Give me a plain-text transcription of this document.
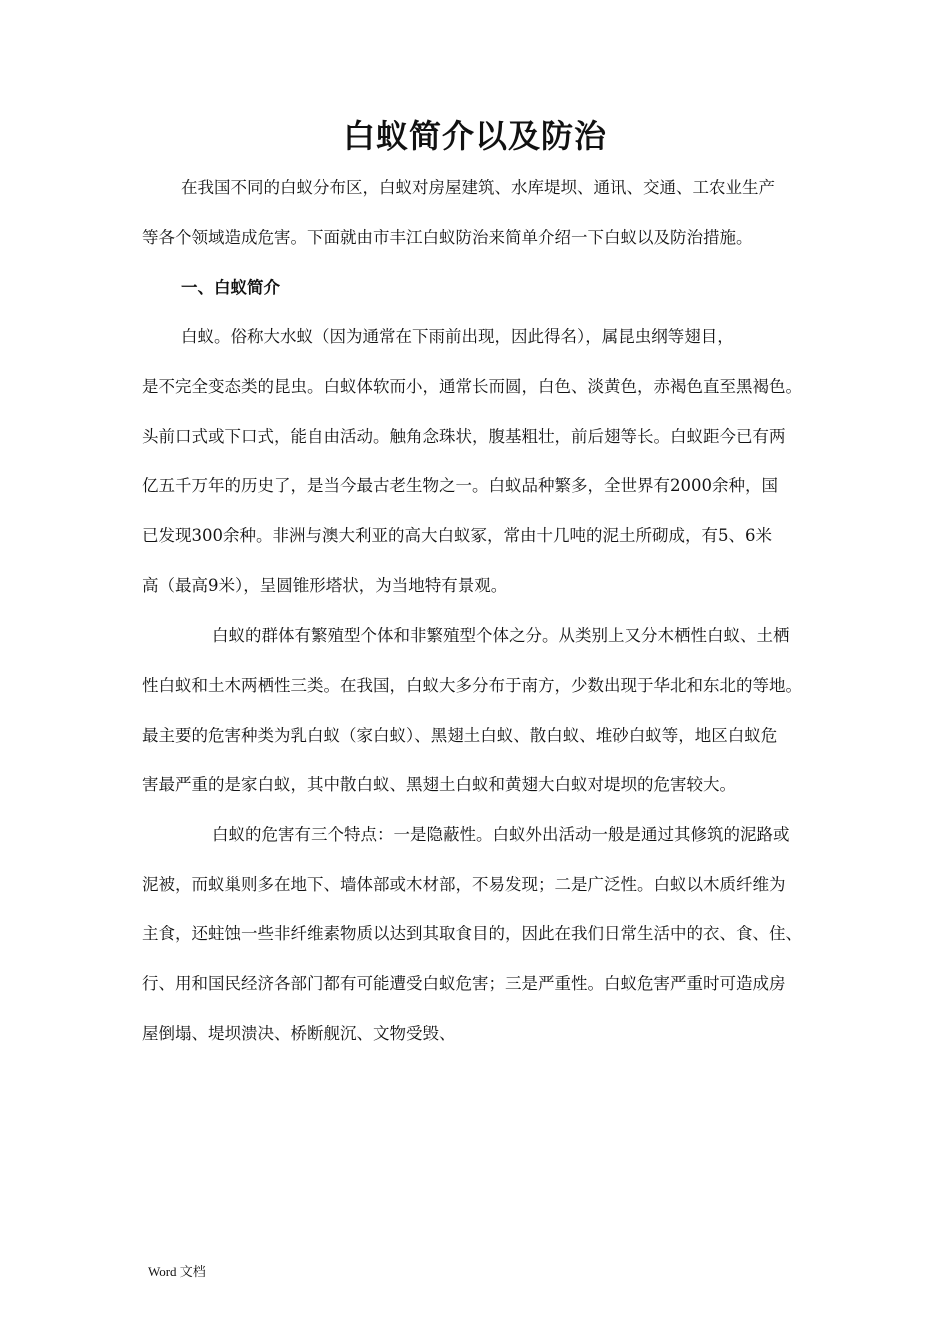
白蚁简介以及防治
在我国不同的白蚁分布区，白蚁对房屋建筑、水库堤坝、通讯、交通、工农业生产
等各个领域造成危害。下面就由市丰江白蚁防治来简单介绍一下白蚁以及防治措施。
一、白蚁简介
白蚁。俗称大水蚁（因为通常在下雨前出现，因此得名），属昆虫纲等翅目，
是不完全变态类的昆虫。白蚁体软而小，通常长而圆，白色、淡黄色，赤褐色直至黑褐色。
头前口式或下口式，能自由活动。触角念珠状，腹基粗壮，前后翅等长。白蚁距今已有两
亿五千万年的历史了，是当今最古老生物之一。白蚁品种繁多，全世界有2000余种，国
已发现300余种。非洲与澳大利亚的高大白蚁冢，常由十几吨的泥土所砌成，有5、6米
高（最高9米），呈圆锥形塔状，为当地特有景观。
白蚁的群体有繁殖型个体和非繁殖型个体之分。从类别上又分木栖性白蚁、土栖
性白蚁和土木两栖性三类。在我国，白蚁大多分布于南方，少数出现于华北和东北的等地。
最主要的危害种类为乳白蚁（家白蚁）、黑翅土白蚁、散白蚁、堆砂白蚁等，地区白蚁危
害最严重的是家白蚁，其中散白蚁、黑翅土白蚁和黄翅大白蚁对堤坝的危害较大。
白蚁的危害有三个特点：一是隐蔽性。白蚁外出活动一般是通过其修筑的泥路或
泥被，而蚁巢则多在地下、墙体部或木材部，不易发现；二是广泛性。白蚁以木质纤维为
主食，还蛀蚀一些非纤维素物质以达到其取食目的，因此在我们日常生活中的衣、食、住、
行、用和国民经济各部门都有可能遭受白蚁危害；三是严重性。白蚁危害严重时可造成房
屋倒塌、堤坝溃决、桥断舰沉、文物受毁、
Word 文档
